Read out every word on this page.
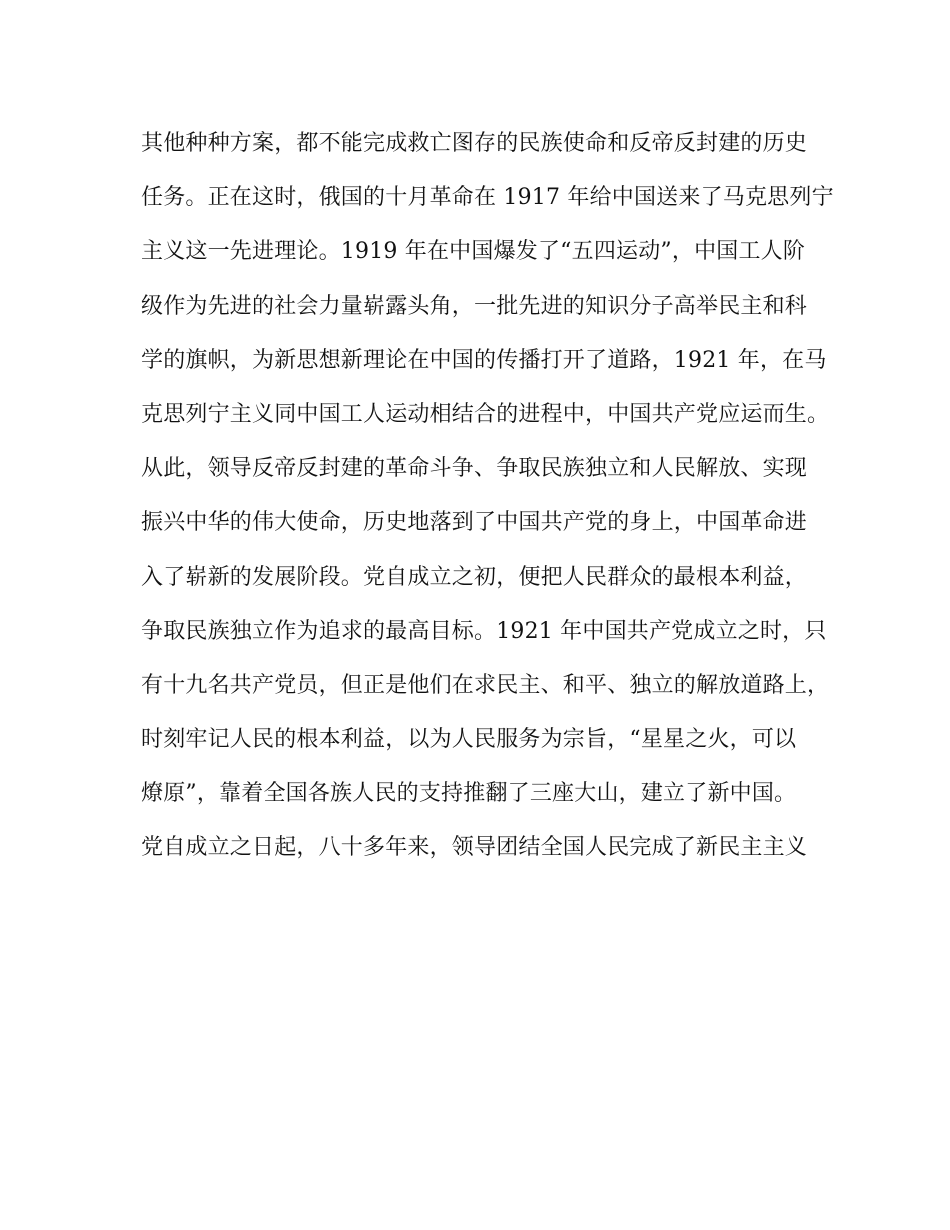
其他种种方案，都不能完成救亡图存的民族使命和反帝反封建的历史
任务。正在这时，俄国的十月革命在 1917 年给中国送来了马克思列宁
主义这一先进理论。1919 年在中国爆发了“五四运动”，中国工人阶
级作为先进的社会力量崭露头角，一批先进的知识分子高举民主和科
学的旗帜，为新思想新理论在中国的传播打开了道路，1921 年，在马
克思列宁主义同中国工人运动相结合的进程中，中国共产党应运而生。
从此，领导反帝反封建的革命斗争、争取民族独立和人民解放、实现
振兴中华的伟大使命，历史地落到了中国共产党的身上，中国革命进
入了崭新的发展阶段。党自成立之初，便把人民群众的最根本利益，
争取民族独立作为追求的最高目标。1921 年中国共产党成立之时，只
有十九名共产党员，但正是他们在求民主、和平、独立的解放道路上，
时刻牢记人民的根本利益，以为人民服务为宗旨，“星星之火，可以
燎原”，靠着全国各族人民的支持推翻了三座大山，建立了新中国。
党自成立之日起，八十多年来，领导团结全国人民完成了新民主主义
